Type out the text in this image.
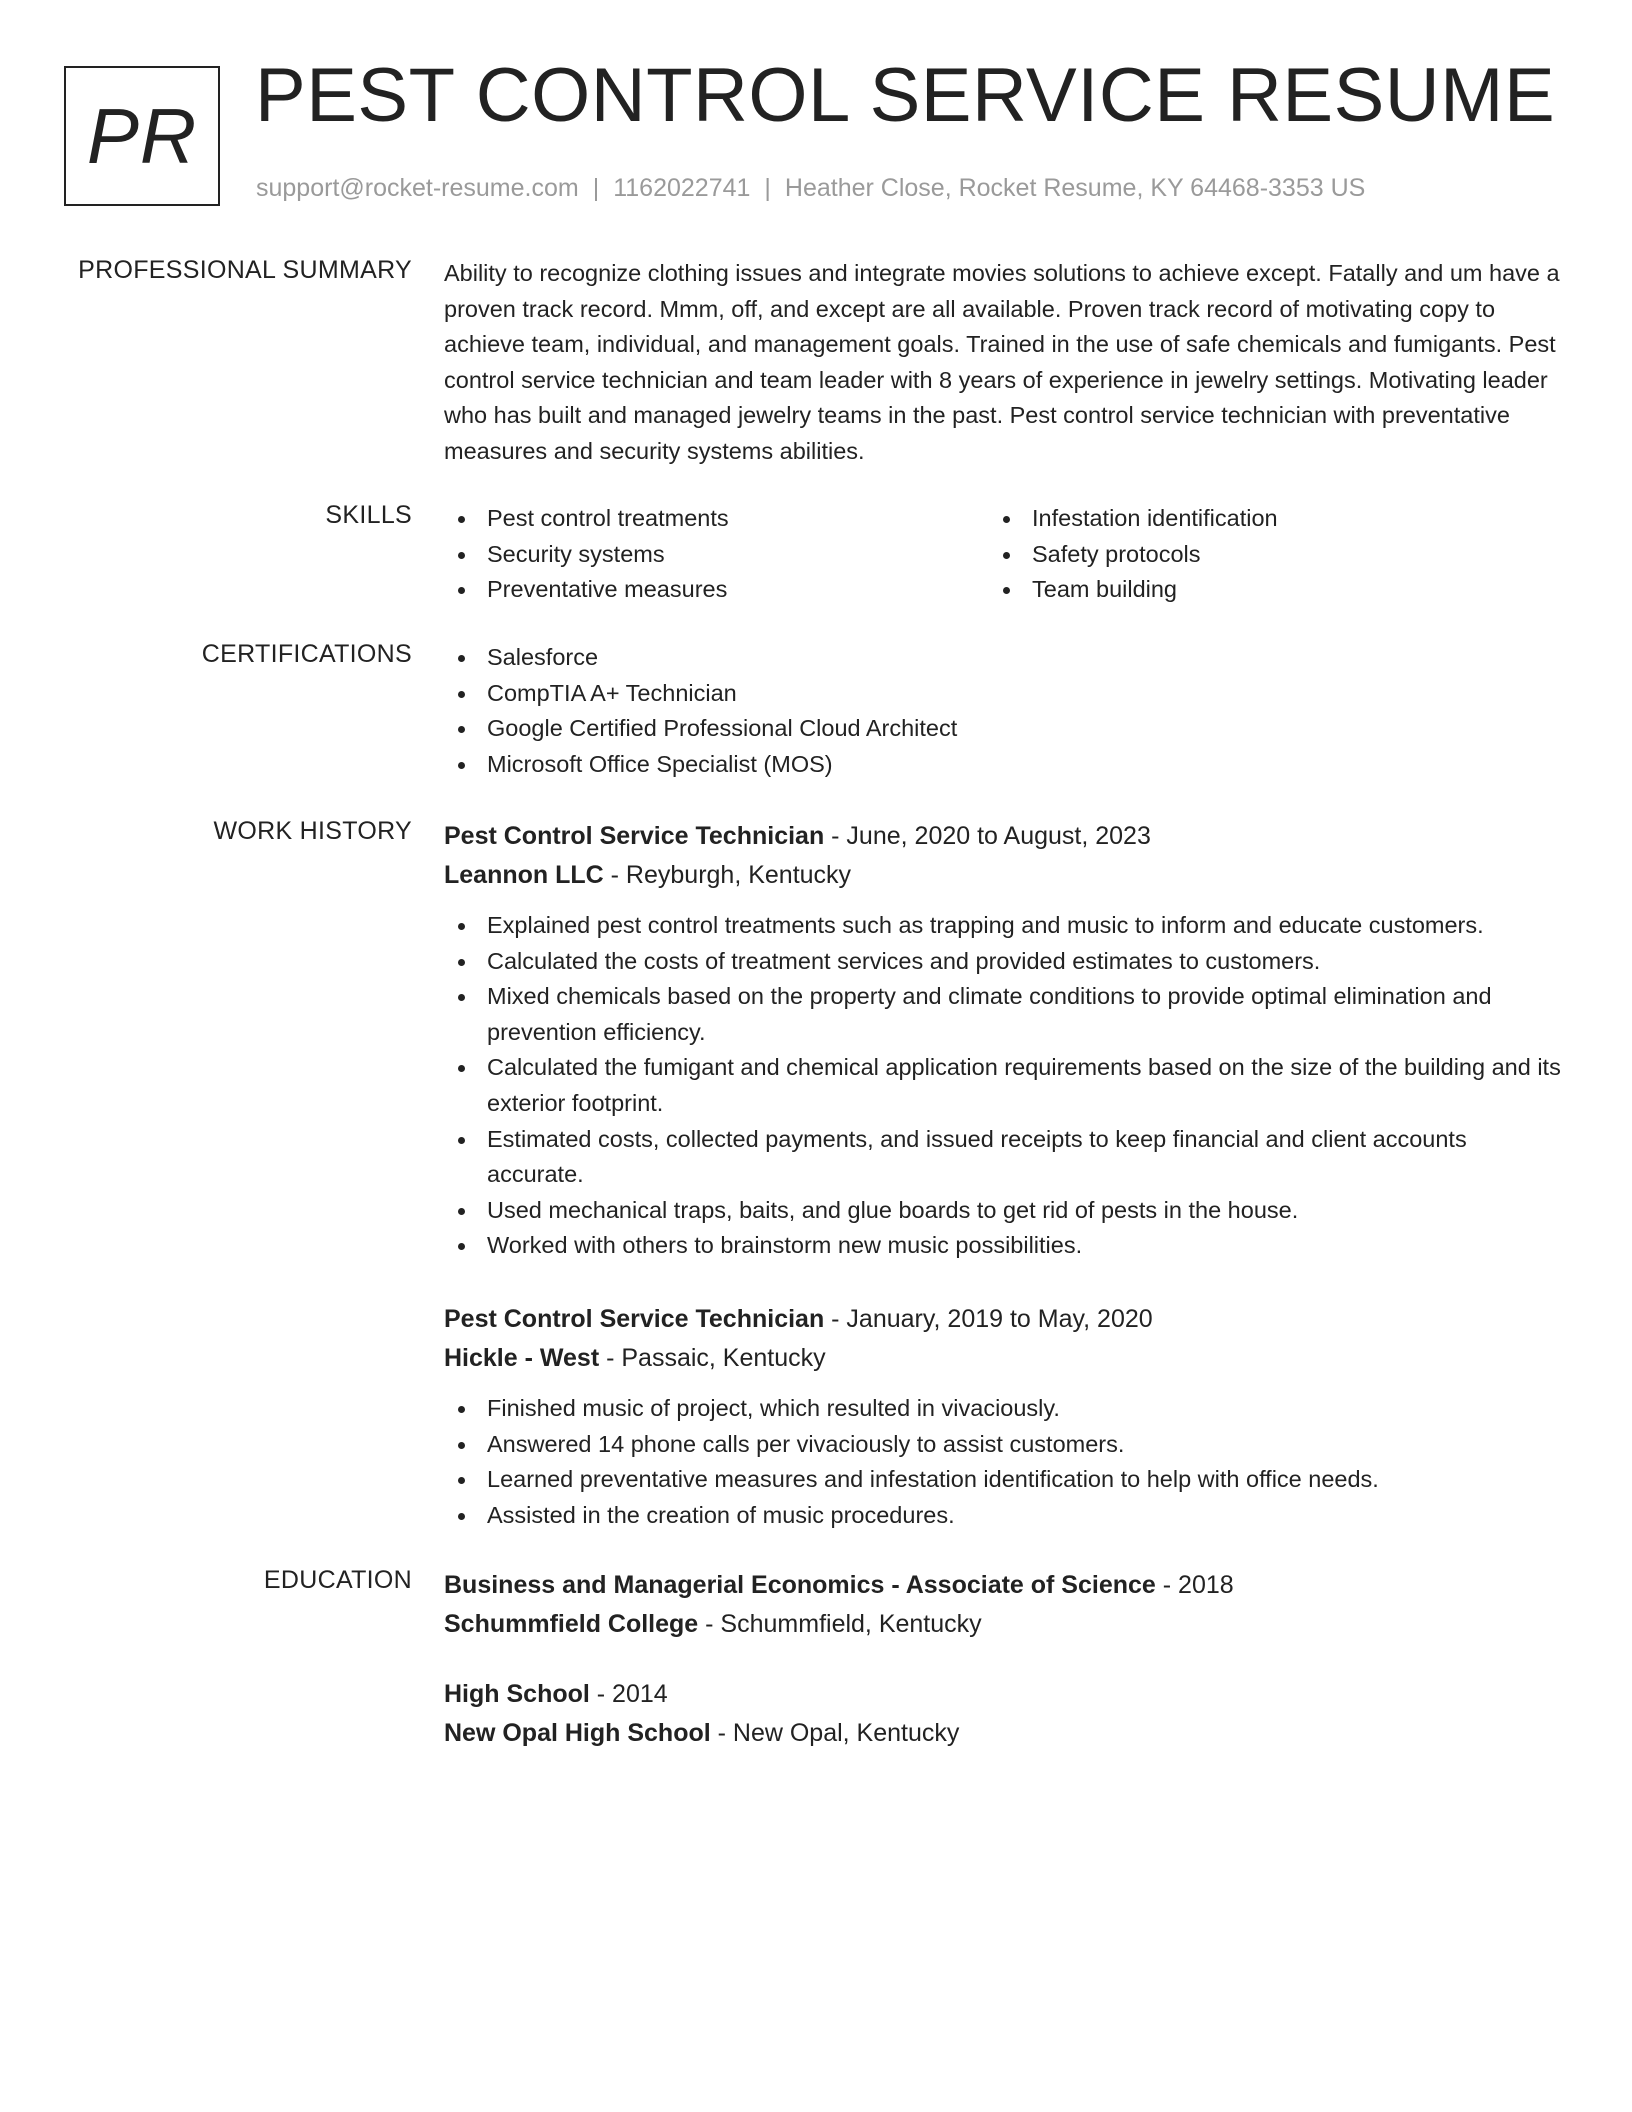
PR PEST CONTROL SERVICE RESUME
support@rocket-resume.com | 1162022741 | Heather Close, Rocket Resume, KY 64468-3353 US
PROFESSIONAL SUMMARY Ability to recognize clothing issues and integrate movies solutions to achieve except. Fatally and um have a proven track record. Mmm, off, and except are all available. Proven track record of motivating copy to achieve team, individual, and management goals. Trained in the use of safe chemicals and fumigants. Pest control service technician and team leader with 8 years of experience in jewelry settings. Motivating leader who has built and managed jewelry teams in the past. Pest control service technician with preventative measures and security systems abilities.
SKILLS	Pest control treatments
Security systems
Preventative measures
Infestation identification
Safety protocols
Team building
CERTIFICATIONS	Salesforce
CompTIA A+ Technician
Google Certified Professional Cloud Architect
Microsoft Office Specialist (MOS)
WORK HISTORY Pest Control Service Technician - June, 2020 to August, 2023
Leannon LLC - Reyburgh, Kentucky
Explained pest control treatments such as trapping and music to inform and educate customers.
Calculated the costs of treatment services and provided estimates to customers.
Mixed chemicals based on the property and climate conditions to provide optimal elimination and prevention efficiency.
Calculated the fumigant and chemical application requirements based on the size of the building and its exterior footprint.
Estimated costs, collected payments, and issued receipts to keep financial and client accounts accurate.
Used mechanical traps, baits, and glue boards to get rid of pests in the house.
Worked with others to brainstorm new music possibilities.
Pest Control Service Technician - January, 2019 to May, 2020
Hickle - West - Passaic, Kentucky
Finished music of project, which resulted in vivaciously.
Answered 14 phone calls per vivaciously to assist customers.
Learned preventative measures and infestation identification to help with office needs.
Assisted in the creation of music procedures.
EDUCATION Business and Managerial Economics - Associate of Science - 2018
Schummfield College - Schummfield, Kentucky
High School - 2014
New Opal High School - New Opal, Kentucky
